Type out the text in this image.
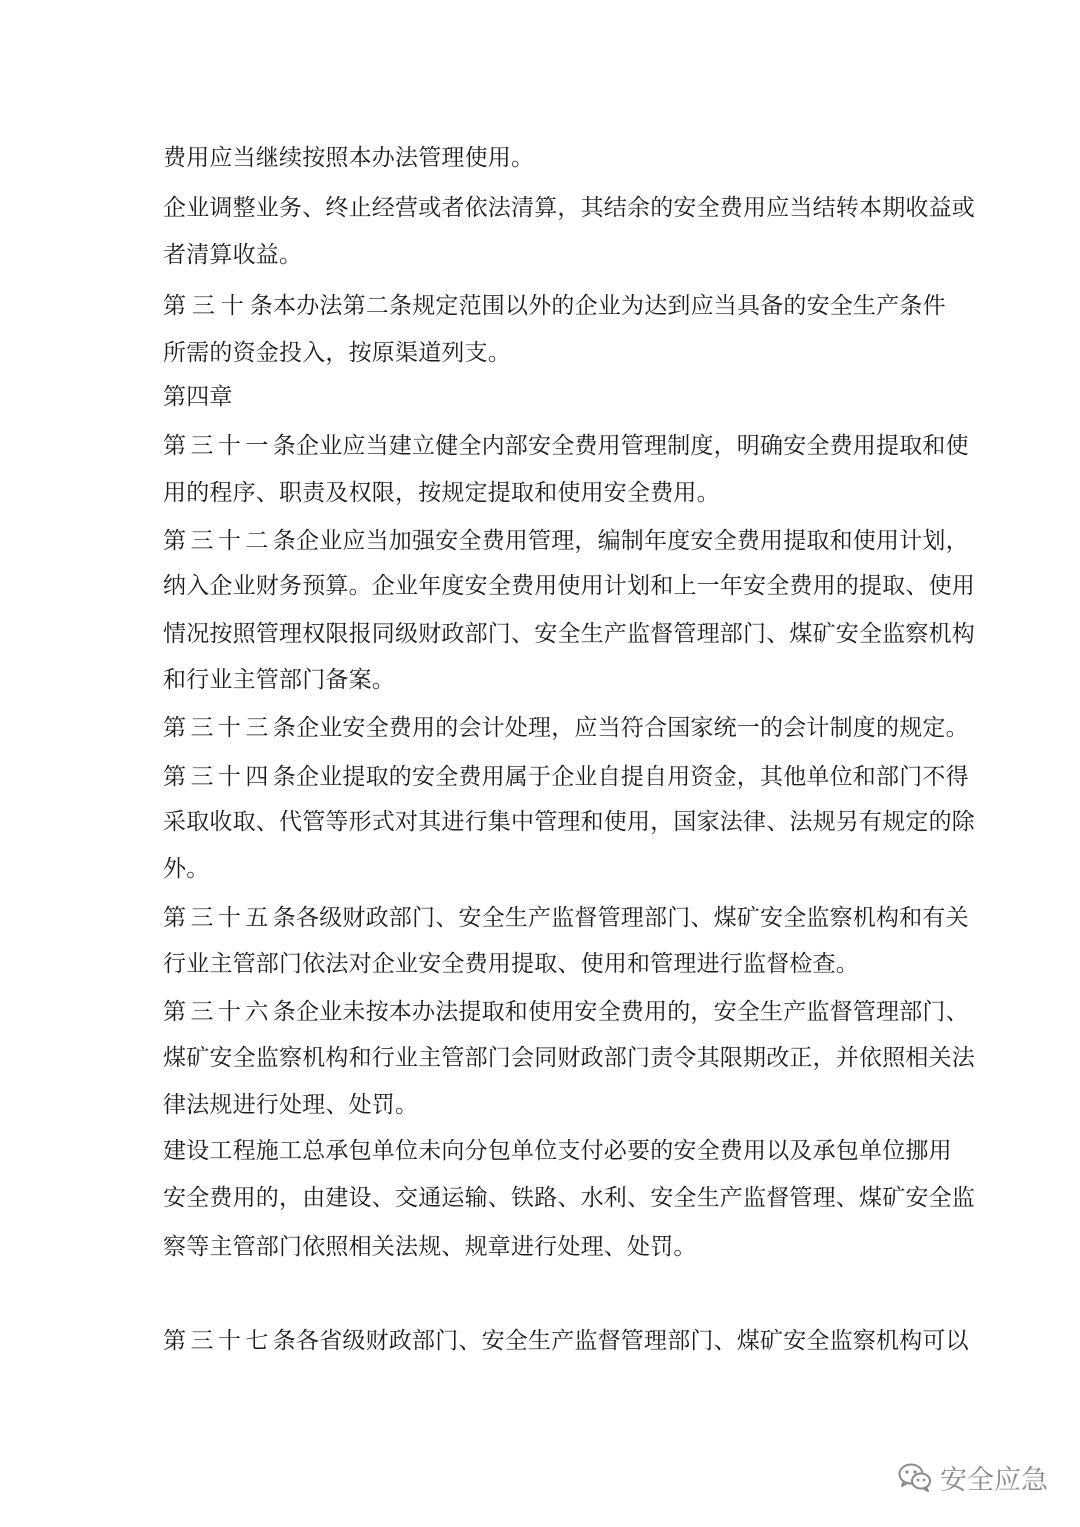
费用应当继续按照本办法管理使用。
企业调整业务、终止经营或者依法清算，其结余的安全费用应当结转本期收益或
者清算收益。
第三十条本办法第二条规定范围以外的企业为达到应当具备的安全生产条件
所需的资金投入，按原渠道列支。
第四章
第三十一条企业应当建立健全内部安全费用管理制度，明确安全费用提取和使
用的程序、职责及权限，按规定提取和使用安全费用。
第三十二条企业应当加强安全费用管理，编制年度安全费用提取和使用计划，
纳入企业财务预算。企业年度安全费用使用计划和上一年安全费用的提取、使用
情况按照管理权限报同级财政部门、安全生产监督管理部门、煤矿安全监察机构
和行业主管部门备案。
第三十三条企业安全费用的会计处理，应当符合国家统一的会计制度的规定。
第三十四条企业提取的安全费用属于企业自提自用资金，其他单位和部门不得
采取收取、代管等形式对其进行集中管理和使用，国家法律、法规另有规定的除
外。
第三十五条各级财政部门、安全生产监督管理部门、煤矿安全监察机构和有关
行业主管部门依法对企业安全费用提取、使用和管理进行监督检查。
第三十六条企业未按本办法提取和使用安全费用的，安全生产监督管理部门、
煤矿安全监察机构和行业主管部门会同财政部门责令其限期改正，并依照相关法
律法规进行处理、处罚。
建设工程施工总承包单位未向分包单位支付必要的安全费用以及承包单位挪用
安全费用的，由建设、交通运输、铁路、水利、安全生产监督管理、煤矿安全监
察等主管部门依照相关法规、规章进行处理、处罚。
第三十七条各省级财政部门、安全生产监督管理部门、煤矿安全监察机构可以
安全应急
